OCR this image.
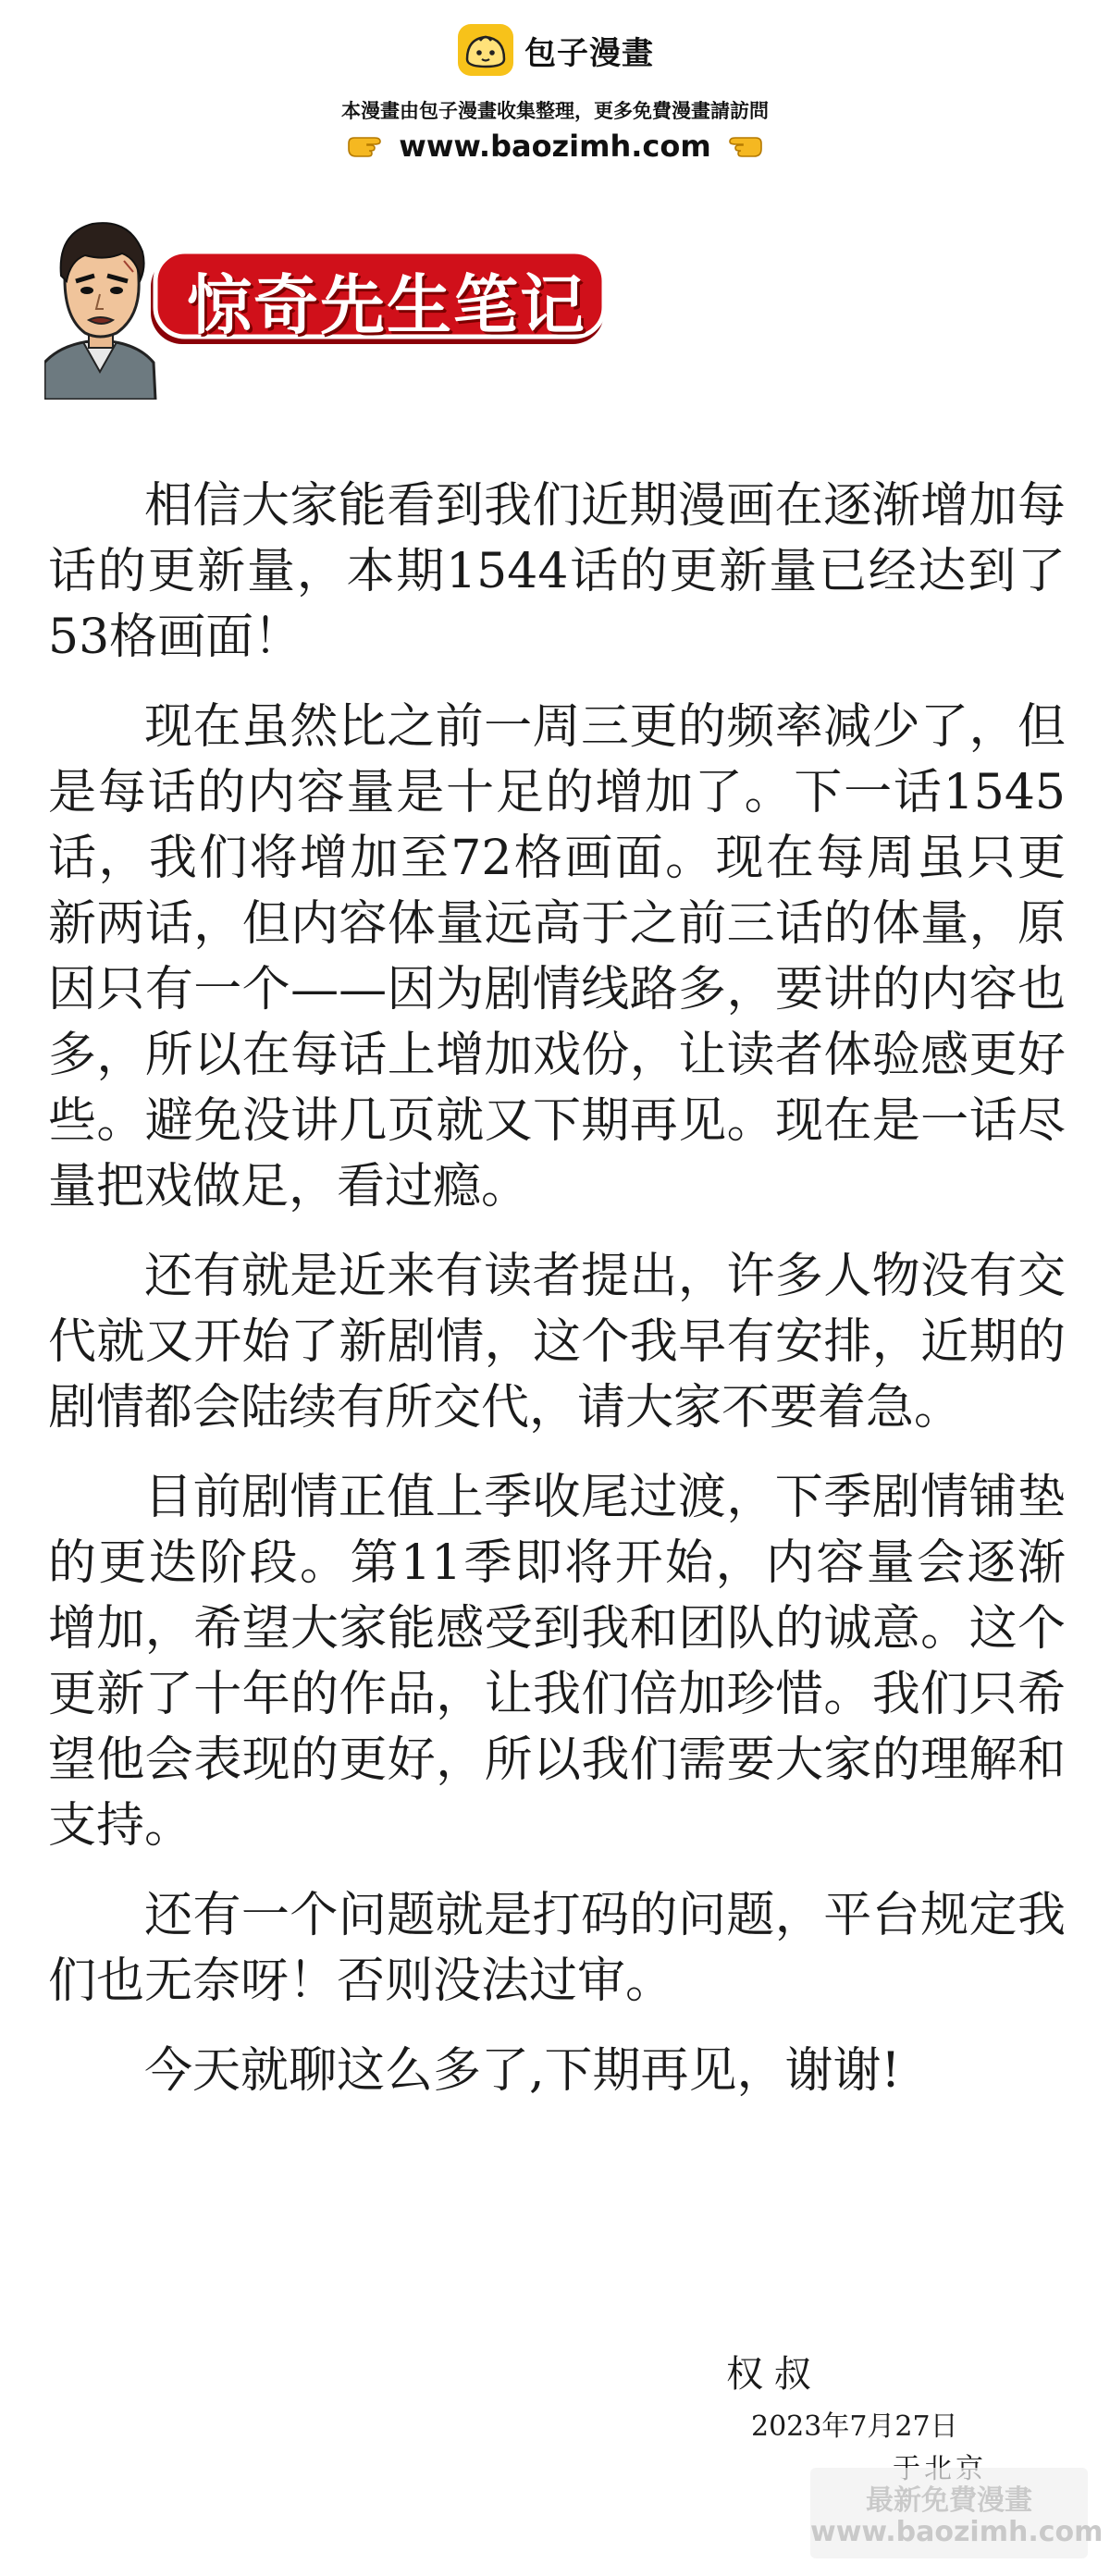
包子漫畫
本漫畫由包子漫畫收集整理，更多免費漫畫請訪問
www.baozimh.com
惊奇先生笔记

相信大家能看到我们近期漫画在逐渐增加每话的更新量，本期1544话的更新量已经达到了53格画面！

现在虽然比之前一周三更的频率减少了，但是每话的内容量是十足的增加了。下一话1545话，我们将增加至72格画面。现在每周虽只更新两话，但内容体量远高于之前三话的体量，原因只有一个——因为剧情线路多，要讲的内容也多，所以在每话上增加戏份，让读者体验感更好些。避免没讲几页就又下期再见。现在是一话尽量把戏做足，看过瘾。

还有就是近来有读者提出，许多人物没有交代就又开始了新剧情，这个我早有安排，近期的剧情都会陆续有所交代，请大家不要着急。

目前剧情正值上季收尾过渡，下季剧情铺垫的更迭阶段。第11季即将开始，内容量会逐渐增加，希望大家能感受到我和团队的诚意。这个更新了十年的作品，让我们倍加珍惜。我们只希望他会表现的更好，所以我们需要大家的理解和支持。

还有一个问题就是打码的问题，平台规定我们也无奈呀！否则没法过审。

今天就聊这么多了,下期再见，谢谢!

权叔
2023年7月27日
最新免費漫畫
www.baozimh.com
